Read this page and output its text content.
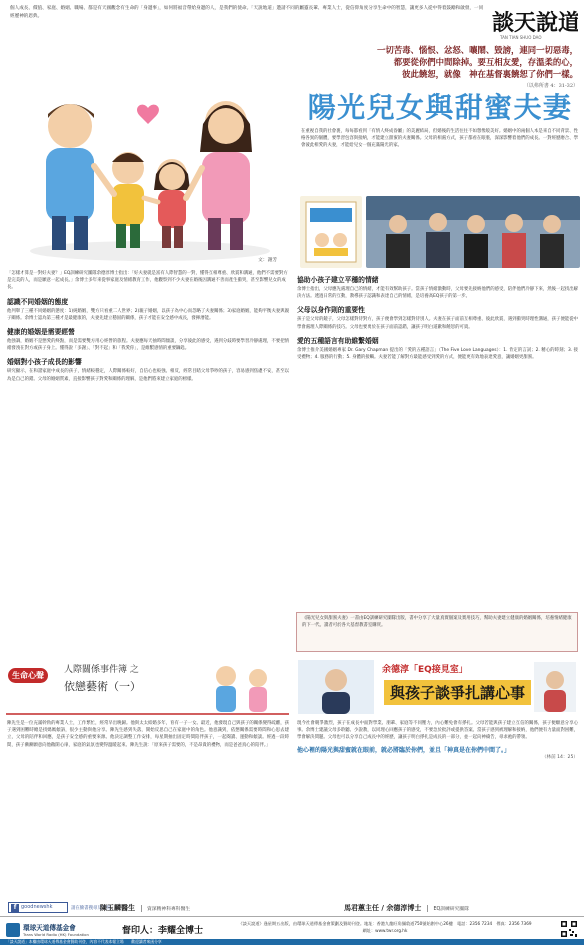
個人成長、價值、家庭、婚姻、職場、都是有天國觀念有生命的「身邊事」，如何將福音帶給身邊的人，是我們的使命。「天說地道」邀請不同的屬靈長輩、專業人士，從信仰角度分享生命中的智慧，讓更多人從中得着鼓勵和啟發，一同經歷神的恩典。	談天說道
TAN TIAN SHUO DAO
一切苦毒、惱恨、忿怒、嚷鬧、毀謗，連同一切惡毒，
都要從你們中間除掉。要互相友愛，存溫柔的心，
彼此饒恕，就像　神在基督裏饒恕了你們一樣。
（以弗所書 4：31-32）
文：謝芳
陽光兒女與甜蜜夫妻
在重視自我的社會裏，每每都看到「有情人終成眷屬」的美麗結局，但婚後的生活往往不如想像般美好。婚姻中的兩個人本是來自不同背景、性格各異的個體，要學習包容與接納，才能建立甜蜜的夫妻關係。父母的相處方式，孩子都看在眼裏，深深影響着他們的成長。一對經歷磨合、學會彼此相愛的夫妻，才能給兒女一個充滿陽光的家。
「怎樣才算是一對好夫妻？」EQ訓練研究團隊余德淳博士指出：「好夫妻就是富有人際智慧的一對，懂得互相尊重、欣賞和溝通，他們不需要對方是完美的人，而是願意一起成長。」余博士多年來從事家庭及情緒教育工作，他觀察到不少夫妻在婚後因溝通不善而產生衝突，甚至影響兒女的成長。
認識不同婚姻的態度
他列舉了三種不同婚姻的態度：1)純婚姻，雙方只看重二人世界；2)親子婚姻，以孩子為中心而忽略了夫妻關係；3)家庭婚姻，能夠平衡夫妻與親子關係。余博士認為第三種才是最健康的，夫妻先建立穩固的關係，孩子才能在安全感中成長，發揮潛能。
健康的婚姻是需要經營
他強調，婚姻不是戀愛的終點，而是需要雙方用心經營的旅程。夫妻應每天抽時間傾談，分享彼此的感受，遇到分歧時要學習冷靜處理，不要把情緒發洩在對方或孩子身上。懂得說「多謝」、「對不起」和「我愛你」，是維繫感情的重要鑰匙。
婚姻對小孩子成長的影響
研究顯示，在和諧家庭中成長的孩子，情緒較穩定，人際關係較好，自信心也較強。相反，經常目睹父母爭吵的孩子，容易感到焦慮不安，甚至以為是自己的錯。父母的婚姻質素，直接影響孩子對愛和關係的理解，是他們將來建立家庭的榜樣。
協助小孩子建立平穩的情緒
余博士指出，父母應先處理自己的情緒，才能有效幫助孩子。當孩子情緒激動時，父母要先接納他們的感受，陪伴他們冷靜下來，然後一起找出解決方法。透過日常的互動，教導孩子認識和表達自己的情緒，是培養高EQ孩子的第一步。
父母以身作則的重要性
孩子是父母的鏡子，父母怎樣對待對方，孩子便會學到怎樣對待別人。夫妻在孩子面前互相尊重、彼此欣賞，遇到衝突時理性溝通，孩子便能從中學會處理人際關係的技巧。父母也要勇於在孩子面前認錯，讓孩子明白道歉和饒恕的可貴。
愛的五種語言有助維繫婚姻
余博士推介美國婚姻專家 Dr. Gary Chapman 提出的「愛的五種語言」（The Five Love Languages）：1. 肯定的言詞；2. 精心的時刻；3. 接受禮物；4. 服務的行動；5. 身體的接觸。夫妻若能了解對方最能感受到愛的方式，便能更有效地表達愛意，讓婚姻更甜蜜。
《陽光兒女與甜蜜夫妻》一書由EQ訓練研究團隊出版，書中分享了大量真實個案及實用技巧，幫助夫妻建立健康的婚姻關係，培養情緒健康的下一代。讀者可於各大基督教書室購買。
生命心聲
人際關係事件簿 之
依戀藝術（一）
余德淳「EQ接見室」
與孩子談爭扎講心事
陳先生是一位充滿幹勁的專業人士，工作繁忙，經常早出晚歸。他與太太結婚多年，育有一子一女。最近，他發現自己與孩子的關係變得疏離，孩子遇到困難時總是找媽媽傾訴，很少主動與他分享。陳先生感到失落，開始反思自己在家庭中的角色。他意識到，依戀關係需要時間和心思去建立，父母的陪伴和回應，是孩子安全感的重要來源。他決定調整工作安排，每星期抽出固定時間陪伴孩子，一起閱讀、運動和傾談。經過一段時間，孩子漸漸願意向他敞開心扉，家庭的氣氛也變得溫暖起來。陳先生說：「原來孩子需要的，不是昂貴的禮物，而是爸爸真心的陪伴。」
現今社會競爭激烈，孩子在成長中面對學業、朋輩、家庭等不同壓力，內心難免會有掙扎。父母若能與孩子建立互信的關係，孩子便願意分享心事。余博士建議父母多聆聽、少說教，以同理心回應孩子的感受，不要急於批評或提供答案。當孩子感到被理解和接納，他們便有力量面對困難，學會解決問題。父母也可以分享自己成長中的經歷，讓孩子明白掙扎是成長的一部分，並一起向神禱告，尋求祂的帶領。
他心裡的陽光與甜蜜就在眼前，就必將臨於你們，並且「神真是在你們中間了。」
（林前 14：25）
f goodnewshk	請在臉書搜尋及支持
陳玉麟醫生	資深精神科專科醫生	馬君蕙主任 / 余德淳博士	EQ訓練研究團隊
環球天道傳基金會
Trans World Radio (HK) Foundation	督印人：李耀全博士
《談天說道》逢星期五出版，由環球天道傳基金會策劃及贊助刊登。地址：香港九龍旺角彌敦道750號始創中心26樓　電話：2356 7234　傳真：2356 7369　網址：www.twr.org.hk
「談天說道」本欄由環球天道傳基金會贊助刊登，內容不代表本報立場　　歡迎讀者來函分享
